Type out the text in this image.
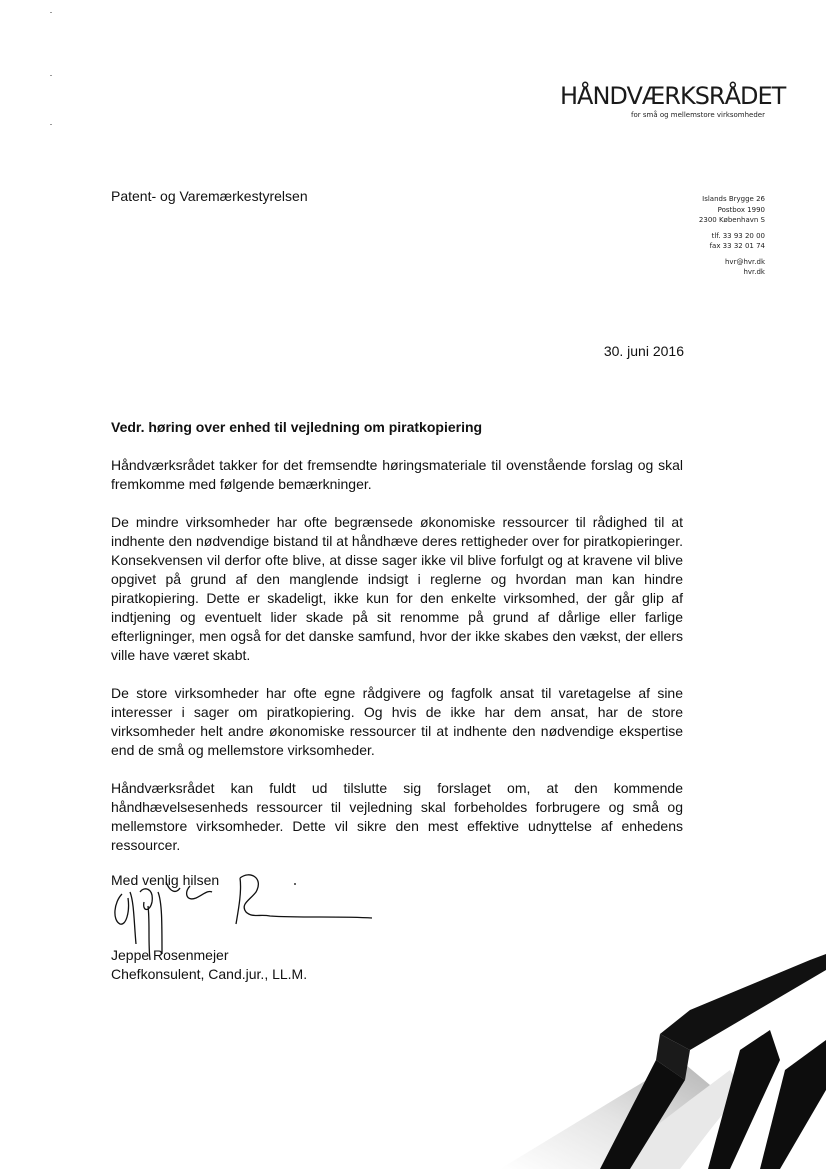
HÅNDVÆRKSRÅDET
for små og mellemstore virksomheder
Patent- og Varemærkestyrelsen	Islands Brygge 26
Postbox 1990
2300 København S
tlf. 33 93 20 00
fax 33 32 01 74
hvr@hvr.dk
hvr.dk
30. juni 2016
Vedr. høring over enhed til vejledning om piratkopiering

Håndværksrådet takker for det fremsendte høringsmateriale til ovenstående forslag og skal fremkomme med følgende bemærkninger.

De mindre virksomheder har ofte begrænsede økonomiske ressourcer til rådighed til at indhente den nødvendige bistand til at håndhæve deres rettigheder over for piratkopieringer. Konsekvensen vil derfor ofte blive, at disse sager ikke vil blive forfulgt og at kravene vil blive opgivet på grund af den manglende indsigt i reglerne og hvordan man kan hindre piratkopiering. Dette er skadeligt, ikke kun for den enkelte virksomhed, der går glip af indtjening og eventuelt lider skade på sit renomme på grund af dårlige eller farlige efterligninger, men også for det danske samfund, hvor der ikke skabes den vækst, der ellers ville have været skabt.

De store virksomheder har ofte egne rådgivere og fagfolk ansat til varetagelse af sine interesser i sager om piratkopiering. Og hvis de ikke har dem ansat, har de store virksomheder helt andre økonomiske ressourcer til at indhente den nødvendige ekspertise end de små og mellemstore virksomheder.

Håndværksrådet kan fuldt ud tilslutte sig forslaget om, at den kommende håndhævelsesenheds ressourcer til vejledning skal forbeholdes forbrugere og små og mellemstore virksomheder. Dette vil sikre den mest effektive udnyttelse af enhedens ressourcer.

Med venlig hilsen
Jeppe Rosenmejer
Chefkonsulent, Cand.jur., LL.M.
